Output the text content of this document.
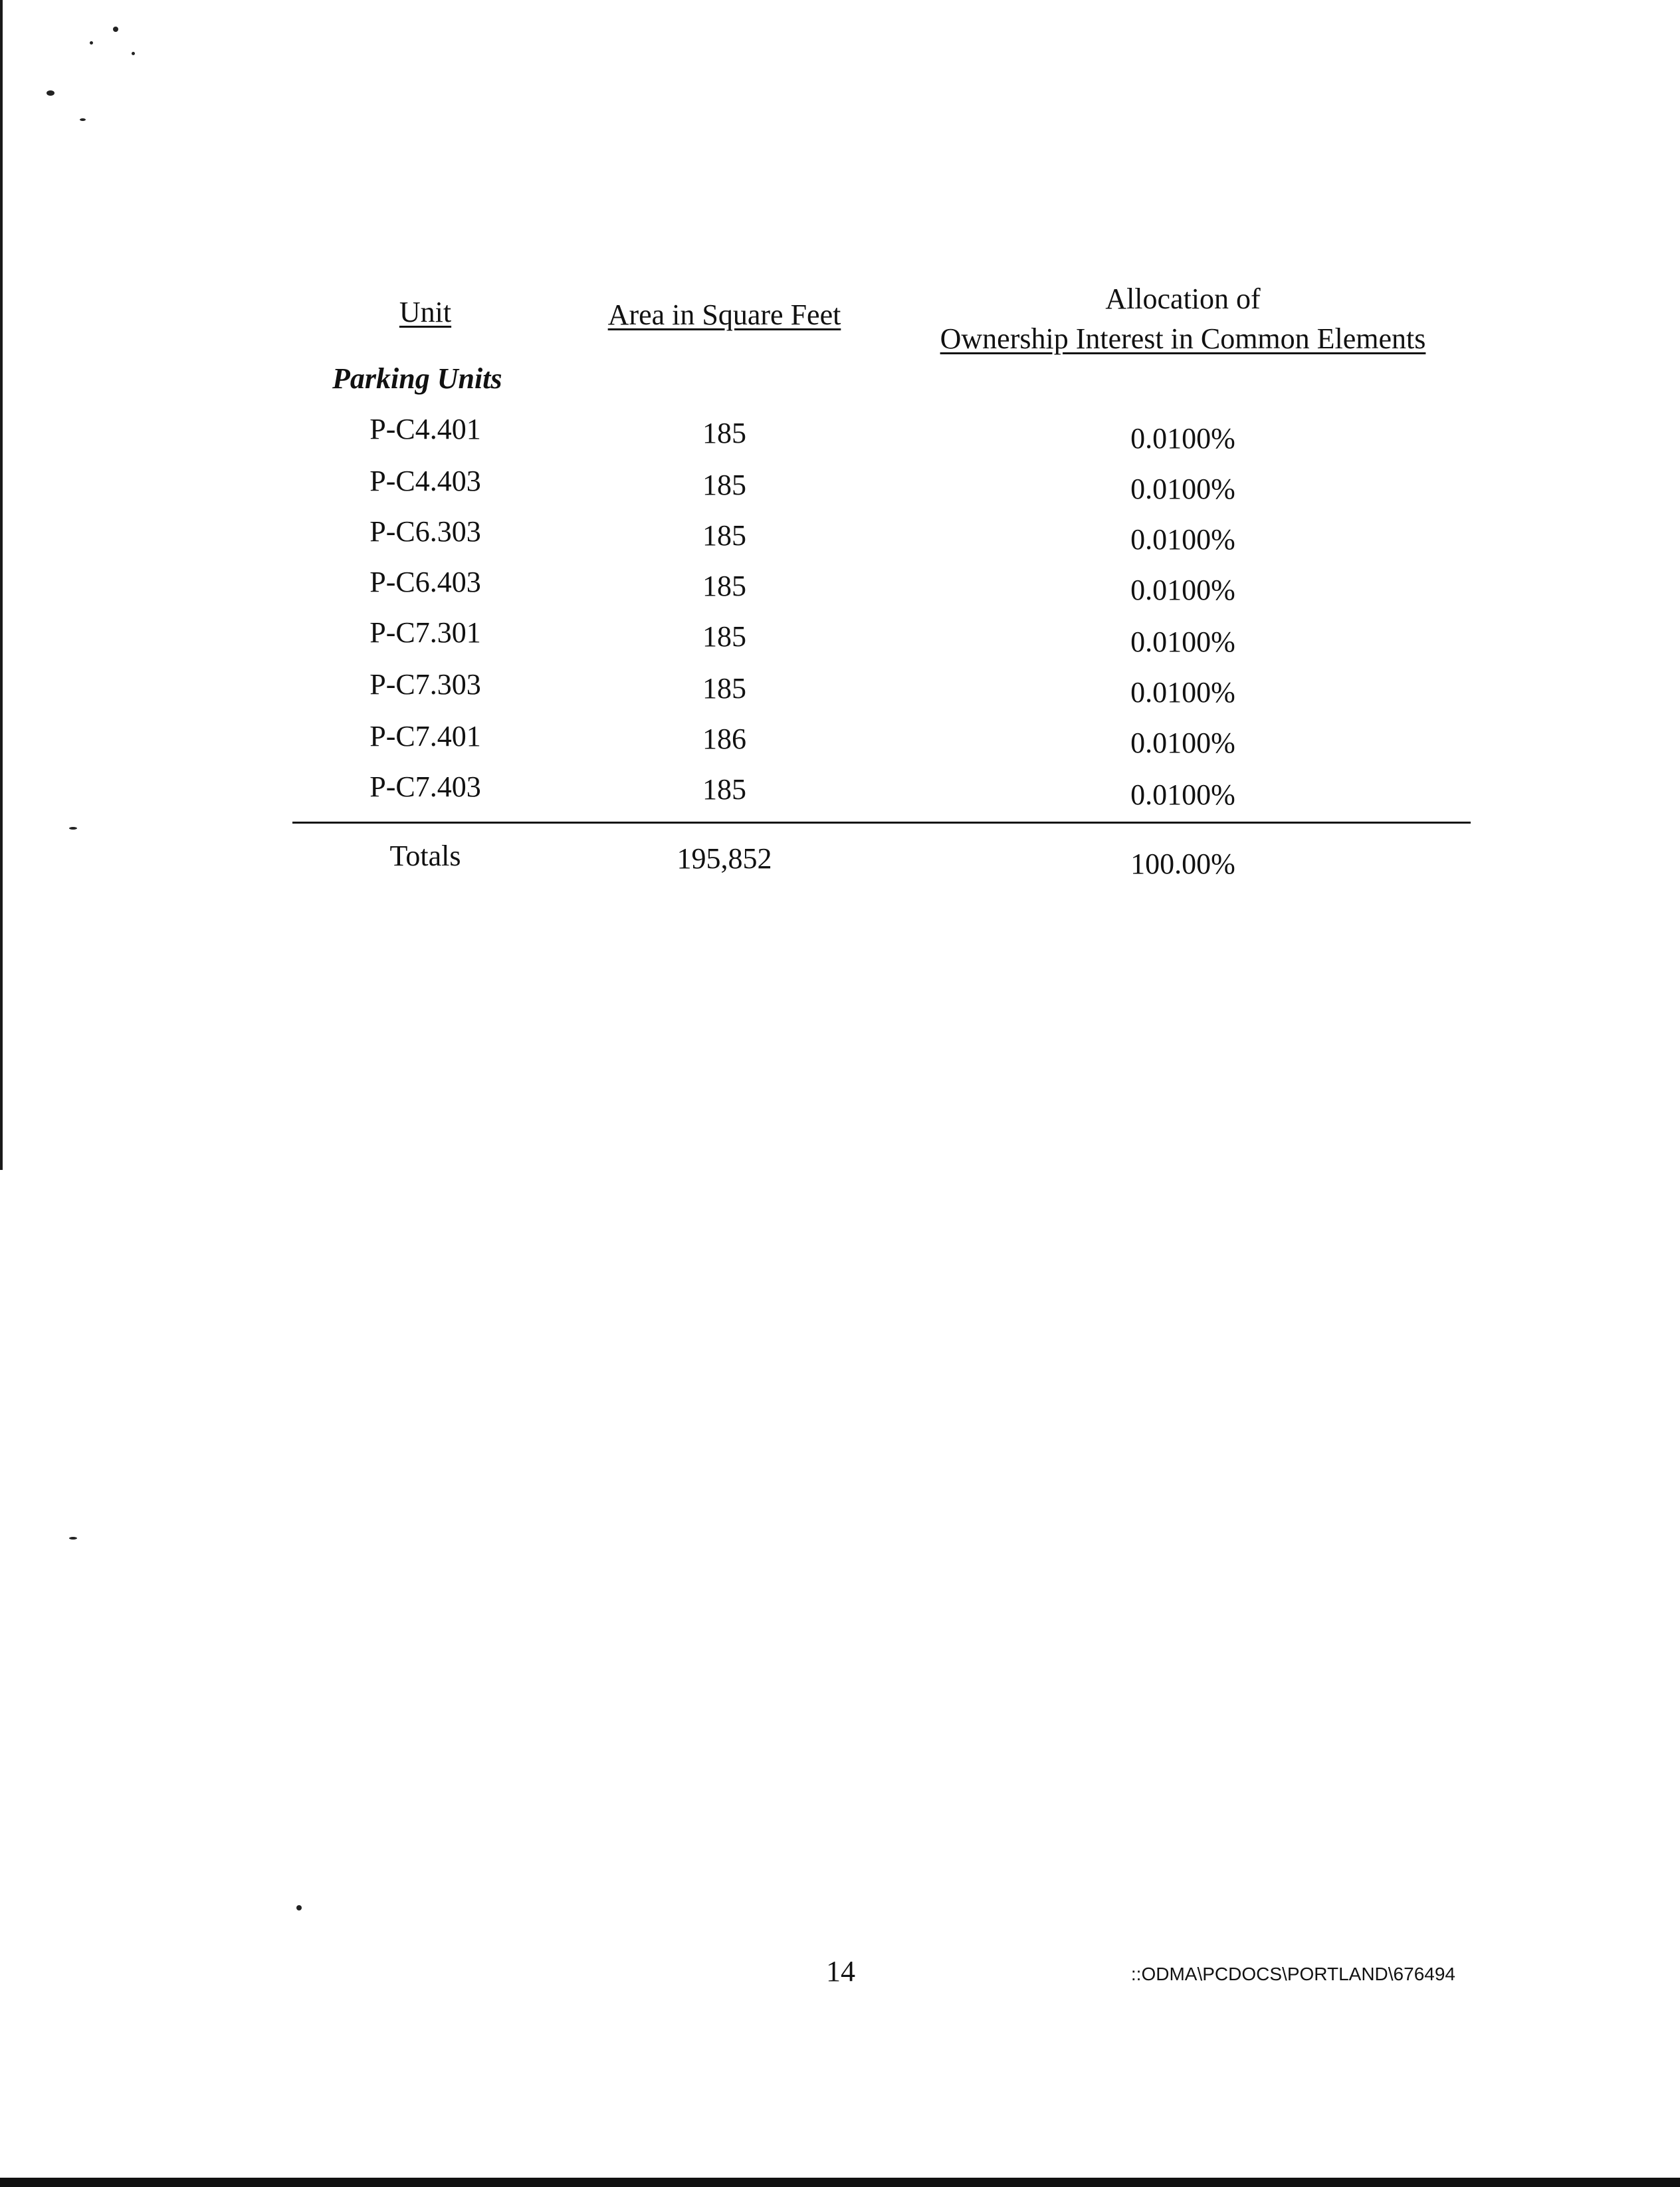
Unit	Area in Square Feet	Allocation of
Ownership Interest in Common Elements
Parking Units
P-C4.401	185	0.0100%
P-C4.403	185	0.0100%
P-C6.303	185	0.0100%
P-C6.403	185	0.0100%
P-C7.301	185	0.0100%
P-C7.303	185	0.0100%
P-C7.401	186	0.0100%
P-C7.403	185	0.0100%
Totals	195,852	100.00%
14	::ODMA\PCDOCS\PORTLAND\676494
